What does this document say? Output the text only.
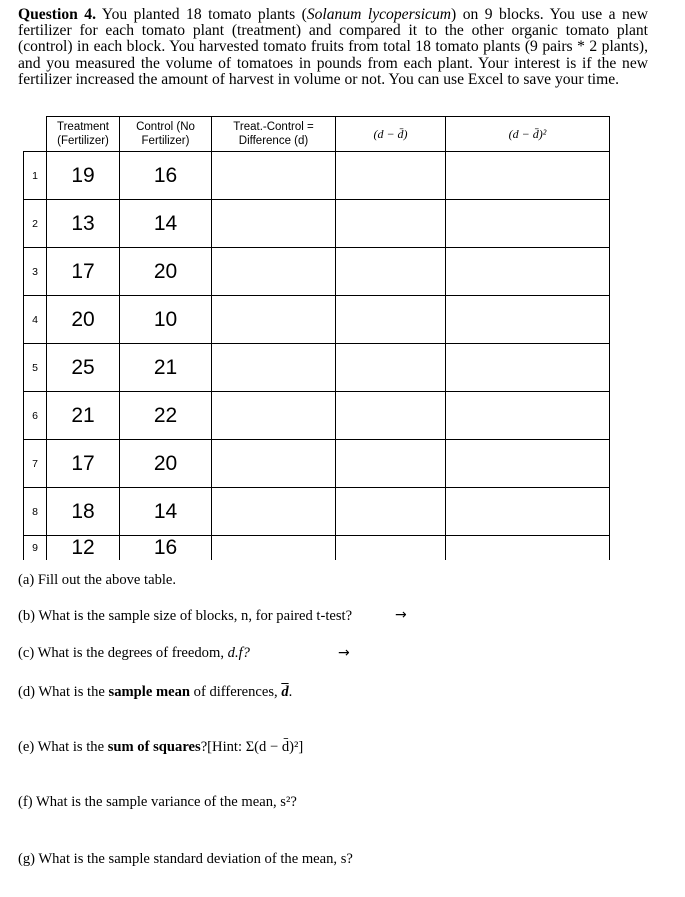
Question 4. You planted 18 tomato plants (Solanum lycopersicum) on 9 blocks. You use a new fertilizer for each tomato plant (treatment) and compared it to the other organic tomato plant (control) in each block. You harvested tomato fruits from total 18 tomato plants (9 pairs * 2 plants), and you measured the volume of tomatoes in pounds from each plant. Your interest is if the new fertilizer increased the amount of harvest in volume or not. You can use Excel to save your time.
	Treatment (Fertilizer)	Control (No Fertilizer)	Treat.-Control = Difference (d)	(d − d̄)	(d − d̄)²
1	19	16			
2	13	14			
3	17	20			
4	20	10			
5	25	21			
6	21	22			
7	17	20			
8	18	14			
9	12	16			
(a) Fill out the above table.
(b) What is the sample size of blocks, n, for paired t-test?	→
(c) What is the degrees of freedom, d.f?	→
(d) What is the sample mean of differences, $\overline{d}$.
(e) What is the sum of squares?[Hint: Σ(d − d̄)²]
(f) What is the sample variance of the mean, s²?
(g) What is the sample standard deviation of the mean, s?
